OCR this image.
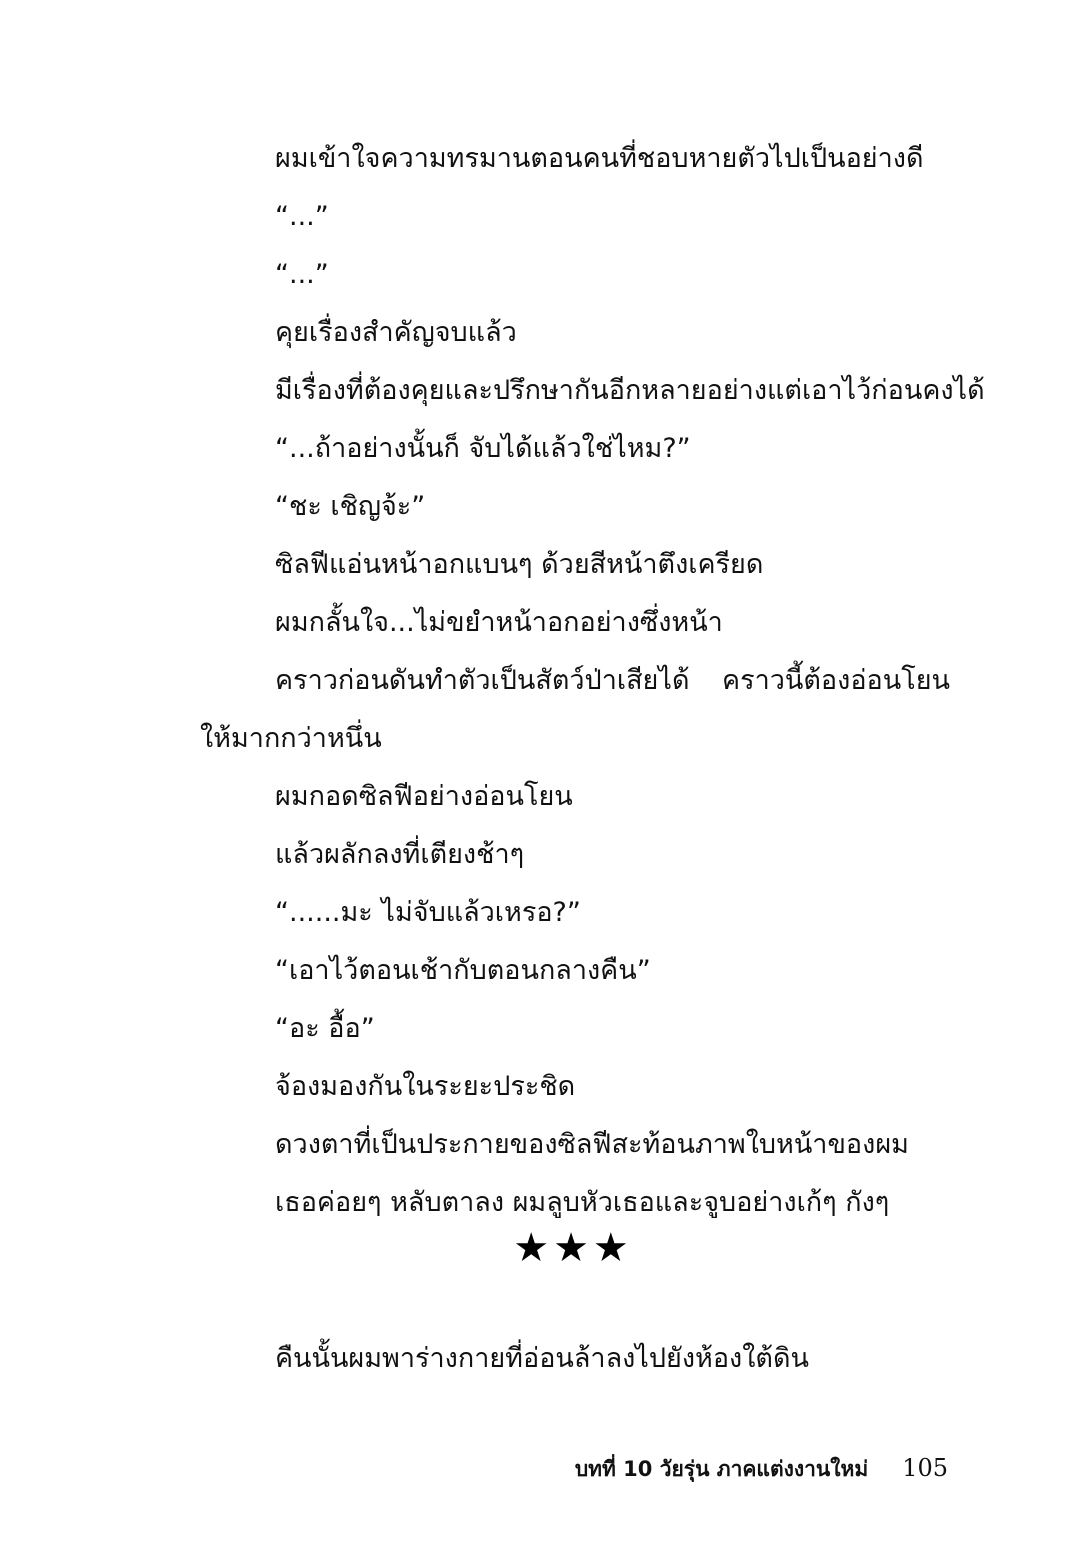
ผมเข้าใจความทรมานตอนคนที่ชอบหายตัวไปเป็นอย่างดี

“...”

“...”

คุยเรื่องสำคัญจบแล้ว

มีเรื่องที่ต้องคุยและปรึกษากันอีกหลายอย่างแต่เอาไว้ก่อนคงได้

“...ถ้าอย่างนั้นก็ จับได้แล้วใช่ไหม?”

“ชะ เชิญจ้ะ”

ซิลฟีแอ่นหน้าอกแบนๆ ด้วยสีหน้าตึงเครียด

ผมกลั้นใจ...ไม่ขยำหน้าอกอย่างซึ่งหน้า

คราวก่อนดันทำตัวเป็นสัตว์ป่าเสียได้ คราวนี้ต้องอ่อนโยนให้มากกว่าหนึ่น

ผมกอดซิลฟีอย่างอ่อนโยน

แล้วผลักลงที่เตียงช้าๆ

“......มะ ไม่จับแล้วเหรอ?”

“เอาไว้ตอนเช้ากับตอนกลางคืน”

“อะ อื้อ”

จ้องมองกันในระยะประชิด

ดวงตาที่เป็นประกายของซิลฟีสะท้อนภาพใบหน้าของผม

เธอค่อยๆ หลับตาลง ผมลูบหัวเธอและจูบอย่างเก้ๆ กังๆ

★★★

คืนนั้นผมพาร่างกายที่อ่อนล้าลงไปยังห้องใต้ดิน

บทที่ 10 วัยรุ่น ภาคแต่งงานใหม่ 105
